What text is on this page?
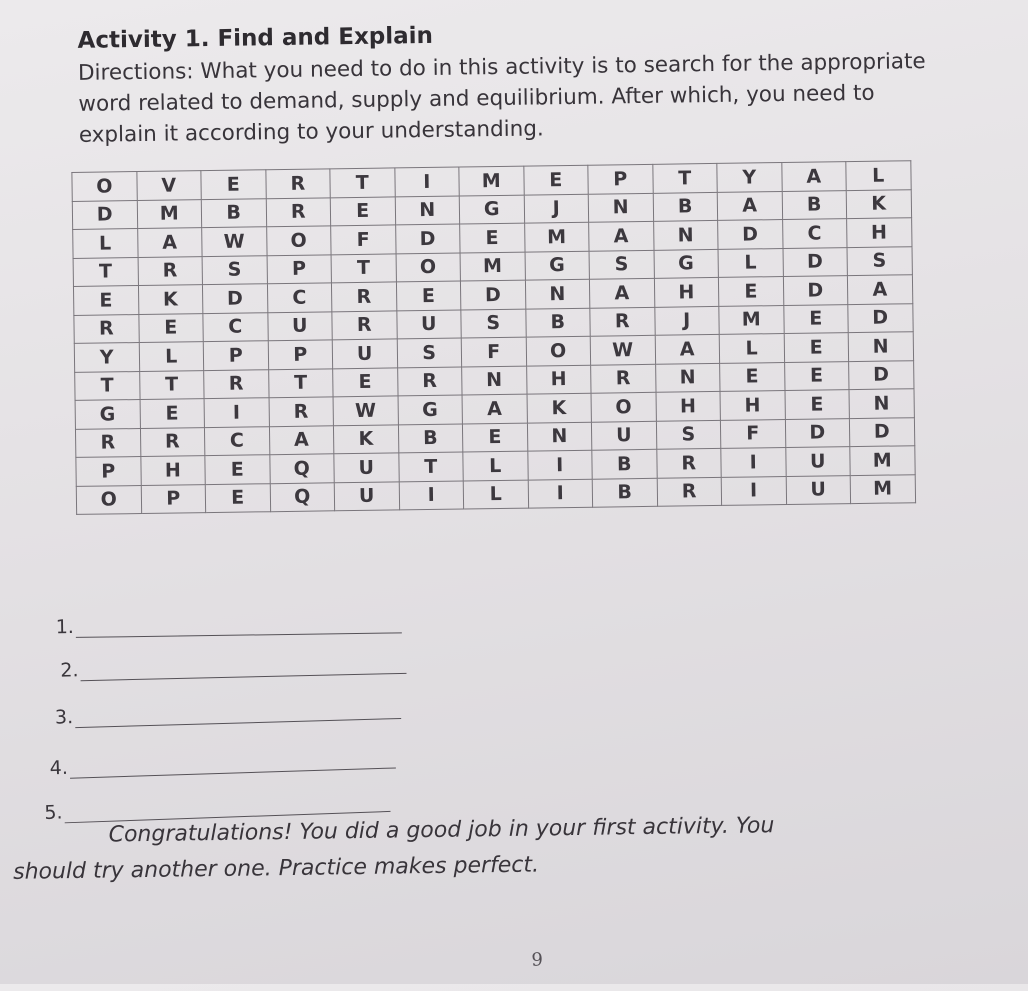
Activity 1. Find and Explain
Directions: What you need to do in this activity is to search for the appropriate word related to demand, supply and equilibrium. After which, you need to explain it according to your understanding.
O	V	E	R	T	I	M	E	P	T	Y	A	L
D	M	B	R	E	N	G	J	N	B	A	B	K
L	A	W	O	F	D	E	M	A	N	D	C	H
T	R	S	P	T	O	M	G	S	G	L	D	S
E	K	D	C	R	E	D	N	A	H	E	D	A
R	E	C	U	R	U	S	B	R	J	M	E	D
Y	L	P	P	U	S	F	O	W	A	L	E	N
T	T	R	T	E	R	N	H	R	N	E	E	D
G	E	I	R	W	G	A	K	O	H	H	E	N
R	R	C	A	K	B	E	N	U	S	F	D	D
P	H	E	Q	U	T	L	I	B	R	I	U	M
O	P	E	Q	U	I	L	I	B	R	I	U	M
1.
2.
3.
4.
5.
Congratulations! You did a good job in your first activity. You
should try another one. Practice makes perfect.
9
